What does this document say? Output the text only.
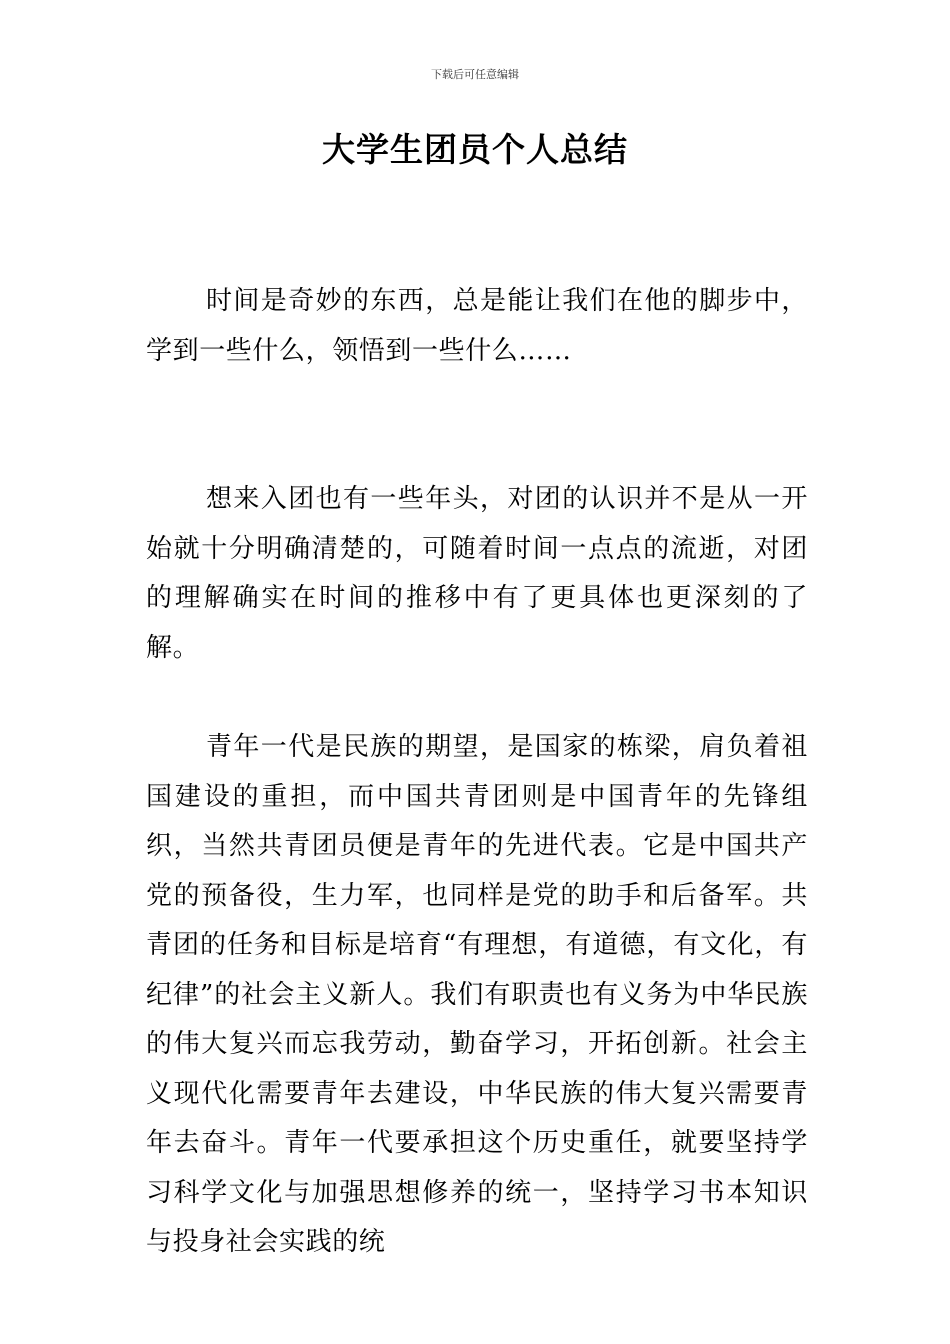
下载后可任意编辑
大学生团员个人总结

时间是奇妙的东西，总是能让我们在他的脚步中，学到一些什么，领悟到一些什么……

想来入团也有一些年头，对团的认识并不是从一开始就十分明确清楚的，可随着时间一点点的流逝，对团的理解确实在时间的推移中有了更具体也更深刻的了解。

青年一代是民族的期望，是国家的栋梁，肩负着祖国建设的重担，而中国共青团则是中国青年的先锋组织，当然共青团员便是青年的先进代表。它是中国共产党的预备役，生力军，也同样是党的助手和后备军。共青团的任务和目标是培育“有理想，有道德，有文化，有纪律”的社会主义新人。我们有职责也有义务为中华民族的伟大复兴而忘我劳动，勤奋学习，开拓创新。社会主义现代化需要青年去建设，中华民族的伟大复兴需要青年去奋斗。青年一代要承担这个历史重任，就要坚持学习科学文化与加强思想修养的统一，坚持学习书本知识与投身社会实践的统
